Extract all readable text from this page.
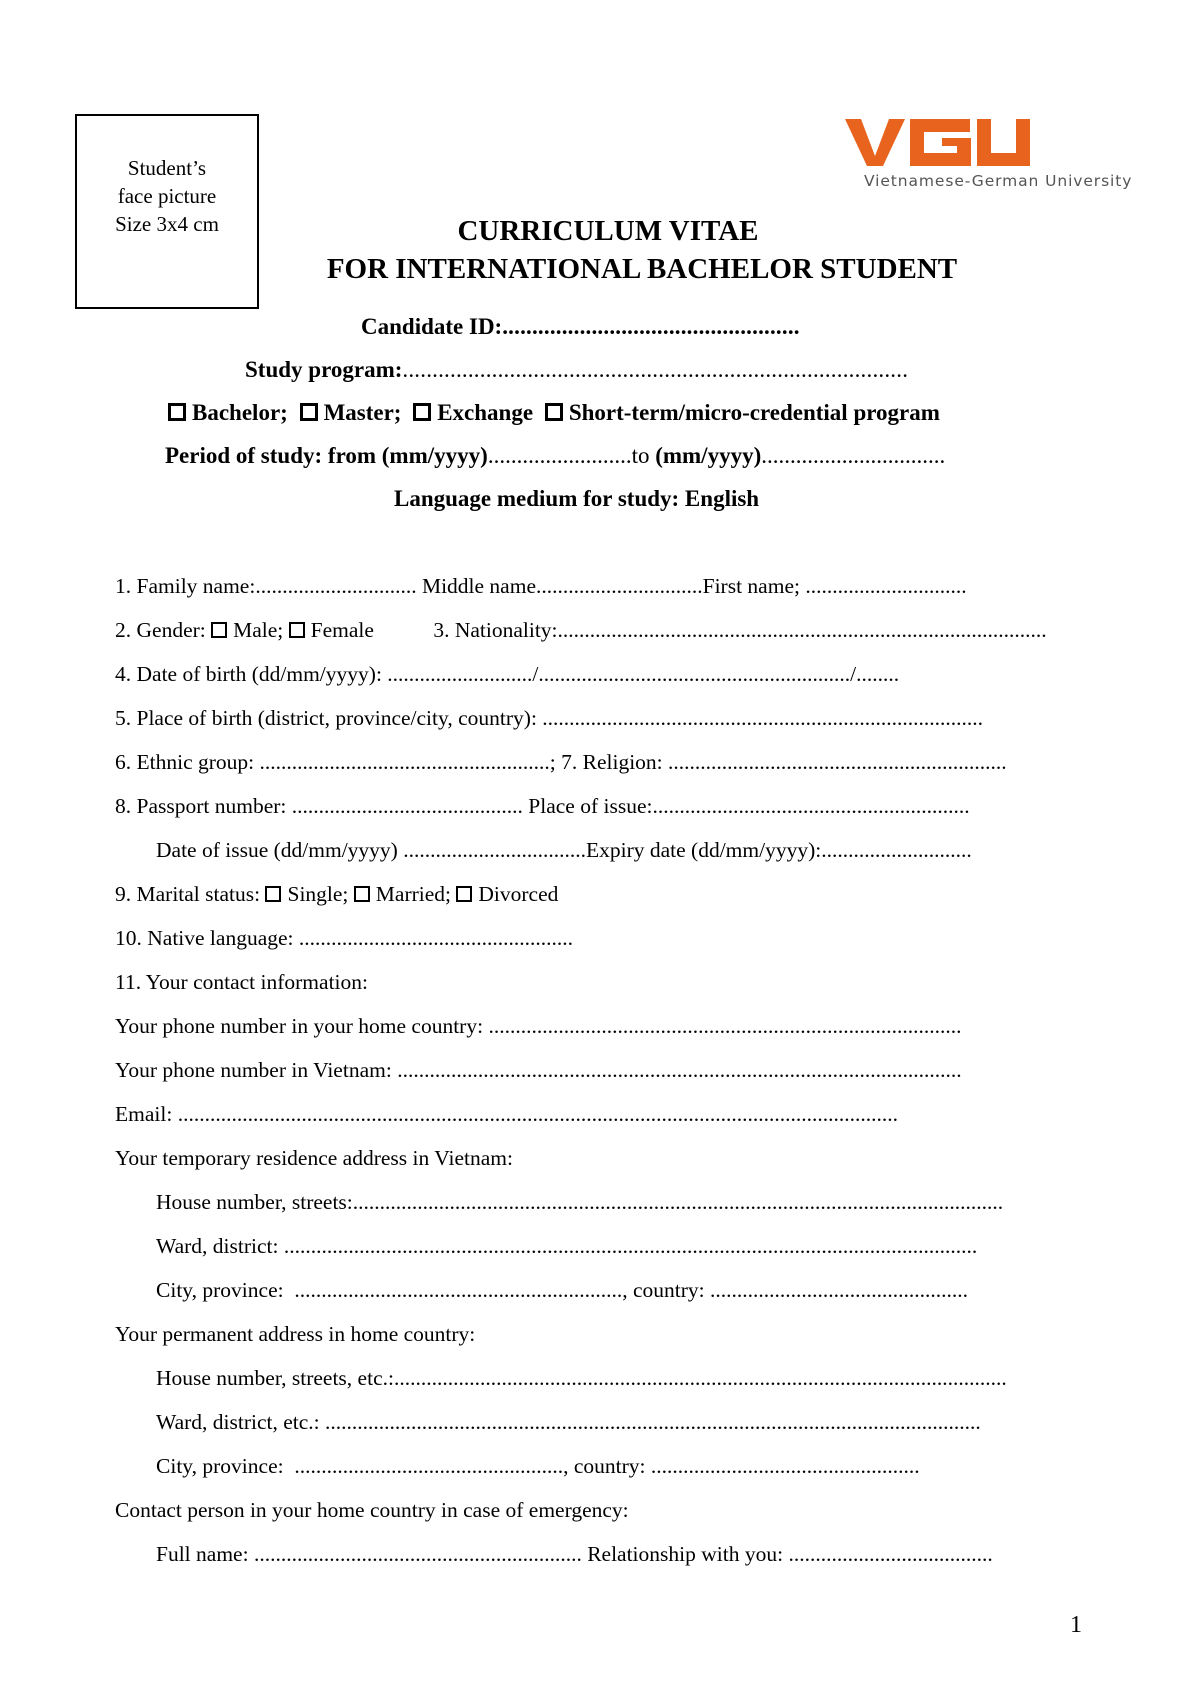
Student’s
face picture
Size 3x4 cm
Vietnamese-German University
CURRICULUM VITAE
FOR INTERNATIONAL BACHELOR STUDENT
Candidate ID:..................................................
Study program:.....................................................................................
Bachelor; Master; Exchange Short-term/micro-credential program
Period of study: from (mm/yyyy).........................to (mm/yyyy)................................
Language medium for study: English
1. Family name:.............................. Middle name...............................First name; ..............................
2. Gender: Male; Female	3. Nationality:...........................................................................................
4. Date of birth (dd/mm/yyyy): .........................../........................................................../........
5. Place of birth (district, province/city, country): ..................................................................................
6. Ethnic group: ......................................................; 7. Religion: ...............................................................
8. Passport number: ........................................... Place of issue:...........................................................
Date of issue (dd/mm/yyyy) ..................................Expiry date (dd/mm/yyyy):............................
9. Marital status: Single; Married; Divorced
10. Native language: ...................................................
11. Your contact information:
Your phone number in your home country: ........................................................................................
Your phone number in Vietnam: .........................................................................................................
Email: ......................................................................................................................................
Your temporary residence address in Vietnam:
House number, streets:.........................................................................................................................
Ward, district: .................................................................................................................................
City, province: ............................................................., country: ................................................
Your permanent address in home country:
House number, streets, etc.:..................................................................................................................
Ward, district, etc.: ..........................................................................................................................
City, province: .................................................., country: ..................................................
Contact person in your home country in case of emergency:
Full name: ............................................................. Relationship with you: ......................................
1
